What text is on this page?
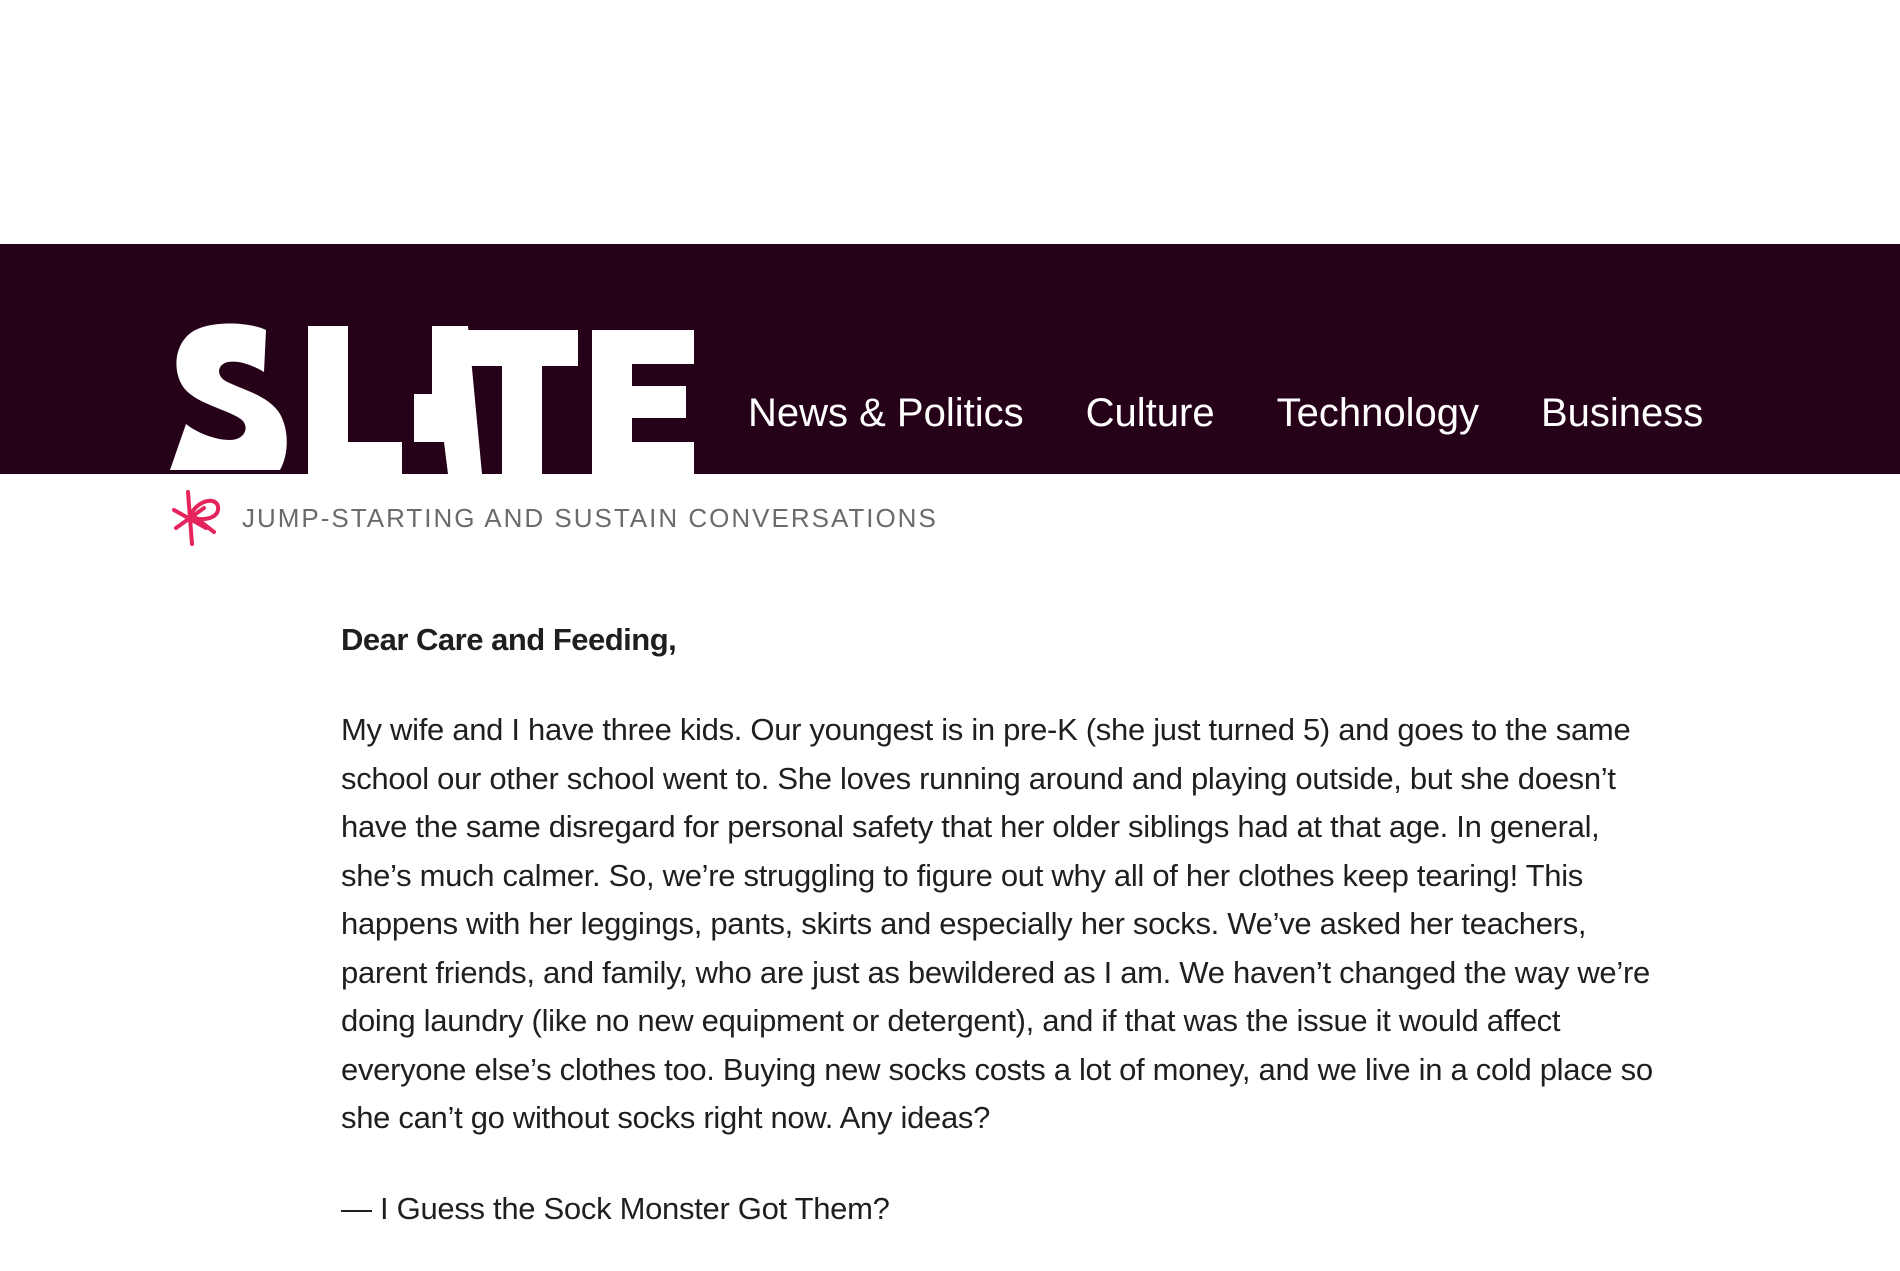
News & Politics Culture Technology Business
JUMP-STARTING AND SUSTAIN CONVERSATIONS

Dear Care and Feeding,

My wife and I have three kids. Our youngest is in pre-K (she just turned 5) and goes to the same school our other school went to. She loves running around and playing outside, but she doesn’t have the same disregard for personal safety that her older siblings had at that age. In general, she’s much calmer. So, we’re struggling to figure out why all of her clothes keep tearing! This happens with her leggings, pants, skirts and especially her socks. We’ve asked her teachers, parent friends, and family, who are just as bewildered as I am. We haven’t changed the way we’re doing laundry (like no new equipment or detergent), and if that was the issue it would affect everyone else’s clothes too. Buying new socks costs a lot of money, and we live in a cold place so she can’t go without socks right now. Any ideas?

— I Guess the Sock Monster Got Them?
